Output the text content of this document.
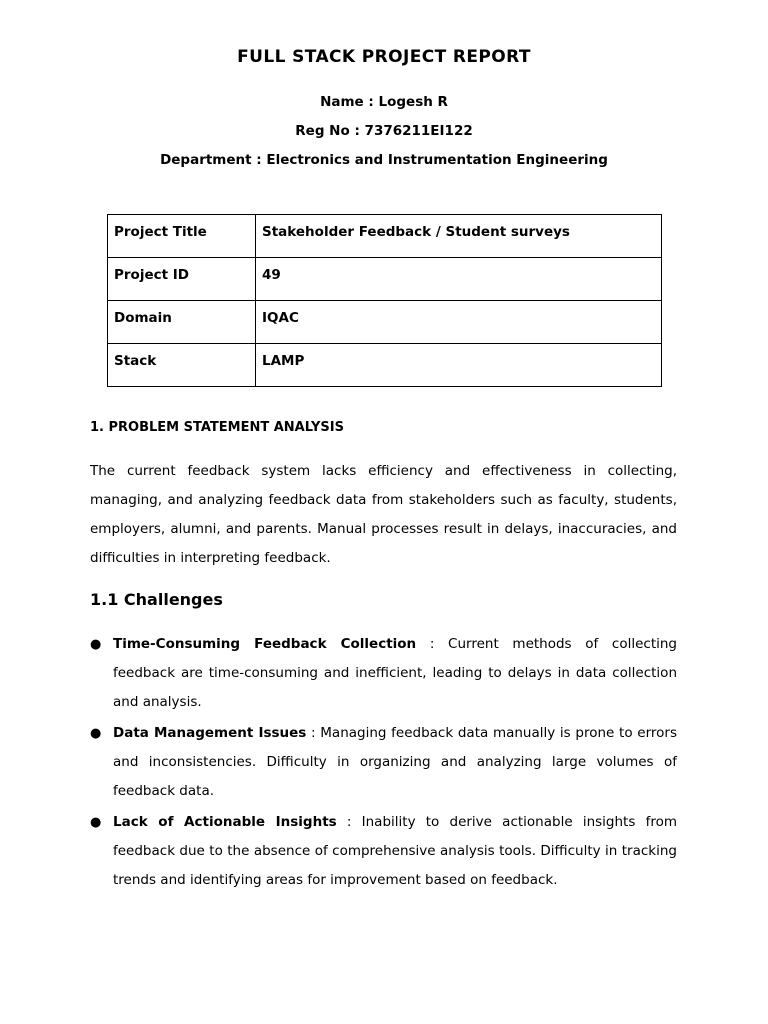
FULL STACK PROJECT REPORT
Name : Logesh R
Reg No : 7376211EI122
Department : Electronics and Instrumentation Engineering
Project Title	Stakeholder Feedback / Student surveys
Project ID	49
Domain	IQAC
Stack	LAMP
1. PROBLEM STATEMENT ANALYSIS
The current feedback system lacks efficiency and effectiveness in collecting, managing, and analyzing feedback data from stakeholders such as faculty, students, employers, alumni, and parents. Manual processes result in delays, inaccuracies, and difficulties in interpreting feedback.
1.1 Challenges
● Time-Consuming Feedback Collection : Current methods of collecting feedback are time-consuming and inefficient, leading to delays in data collection and analysis.
● Data Management Issues : Managing feedback data manually is prone to errors and inconsistencies. Difficulty in organizing and analyzing large volumes of feedback data.
● Lack of Actionable Insights : Inability to derive actionable insights from feedback due to the absence of comprehensive analysis tools. Difficulty in tracking trends and identifying areas for improvement based on feedback.
